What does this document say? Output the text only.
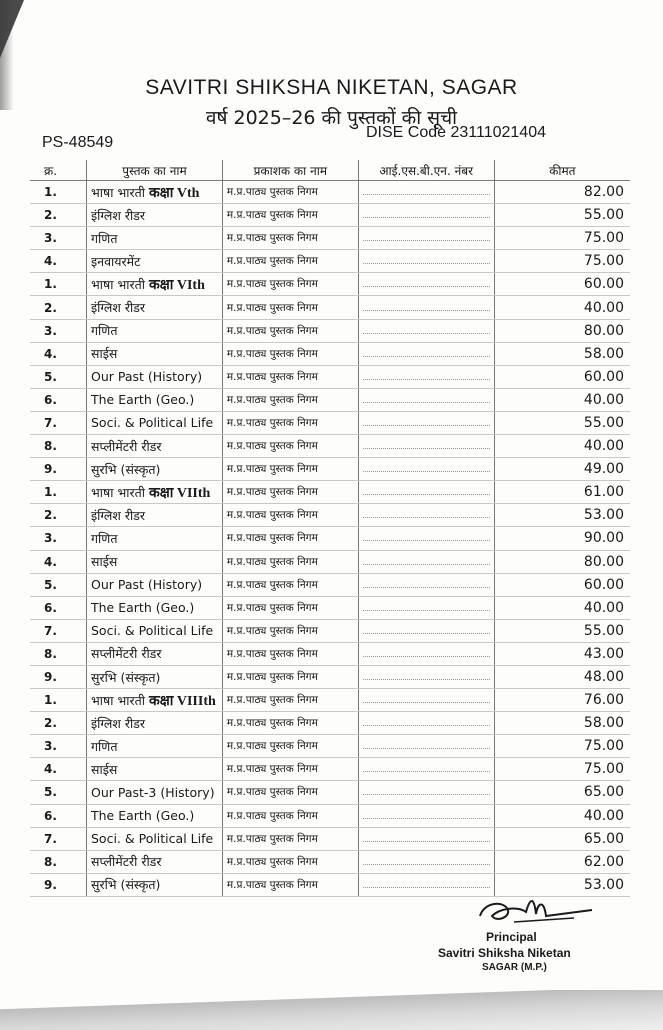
SAVITRI SHIKSHA NIKETAN, SAGAR
वर्ष 2025–26 की पुस्तकों की सूची
DISE Code 23111021404
PS-48549
क्र.	पुस्तक का नाम	प्रकाशक का नाम	आई.एस.बी.एन. नंबर	कीमत
1.	भाषा भारती कक्षा Vth	म.प्र.पाठ्य पुस्तक निगम		82.00
2.	इंग्लिश रीडर	म.प्र.पाठ्य पुस्तक निगम		55.00
3.	गणित	म.प्र.पाठ्य पुस्तक निगम		75.00
4.	इनवायरमेंट	म.प्र.पाठ्य पुस्तक निगम		75.00
1.	भाषा भारती कक्षा VIth	म.प्र.पाठ्य पुस्तक निगम		60.00
2.	इंग्लिश रीडर	म.प्र.पाठ्य पुस्तक निगम		40.00
3.	गणित	म.प्र.पाठ्य पुस्तक निगम		80.00
4.	साईस	म.प्र.पाठ्य पुस्तक निगम		58.00
5.	Our Past (History)	म.प्र.पाठ्य पुस्तक निगम		60.00
6.	The Earth (Geo.)	म.प्र.पाठ्य पुस्तक निगम		40.00
7.	Soci. & Political Life	म.प्र.पाठ्य पुस्तक निगम		55.00
8.	सप्लीमेंटरी रीडर	म.प्र.पाठ्य पुस्तक निगम		40.00
9.	सुरभि (संस्कृत)	म.प्र.पाठ्य पुस्तक निगम		49.00
1.	भाषा भारती कक्षा VIIth	म.प्र.पाठ्य पुस्तक निगम		61.00
2.	इंग्लिश रीडर	म.प्र.पाठ्य पुस्तक निगम		53.00
3.	गणित	म.प्र.पाठ्य पुस्तक निगम		90.00
4.	साईस	म.प्र.पाठ्य पुस्तक निगम		80.00
5.	Our Past (History)	म.प्र.पाठ्य पुस्तक निगम		60.00
6.	The Earth (Geo.)	म.प्र.पाठ्य पुस्तक निगम		40.00
7.	Soci. & Political Life	म.प्र.पाठ्य पुस्तक निगम		55.00
8.	सप्लीमेंटरी रीडर	म.प्र.पाठ्य पुस्तक निगम		43.00
9.	सुरभि (संस्कृत)	म.प्र.पाठ्य पुस्तक निगम		48.00
1.	भाषा भारती कक्षा VIIIth	म.प्र.पाठ्य पुस्तक निगम		76.00
2.	इंग्लिश रीडर	म.प्र.पाठ्य पुस्तक निगम		58.00
3.	गणित	म.प्र.पाठ्य पुस्तक निगम		75.00
4.	साईस	म.प्र.पाठ्य पुस्तक निगम		75.00
5.	Our Past-3 (History)	म.प्र.पाठ्य पुस्तक निगम		65.00
6.	The Earth (Geo.)	म.प्र.पाठ्य पुस्तक निगम		40.00
7.	Soci. & Political Life	म.प्र.पाठ्य पुस्तक निगम		65.00
8.	सप्लीमेंटरी रीडर	म.प्र.पाठ्य पुस्तक निगम		62.00
9.	सुरभि (संस्कृत)	म.प्र.पाठ्य पुस्तक निगम		53.00
Principal
Savitri Shiksha Niketan
SAGAR (M.P.)
